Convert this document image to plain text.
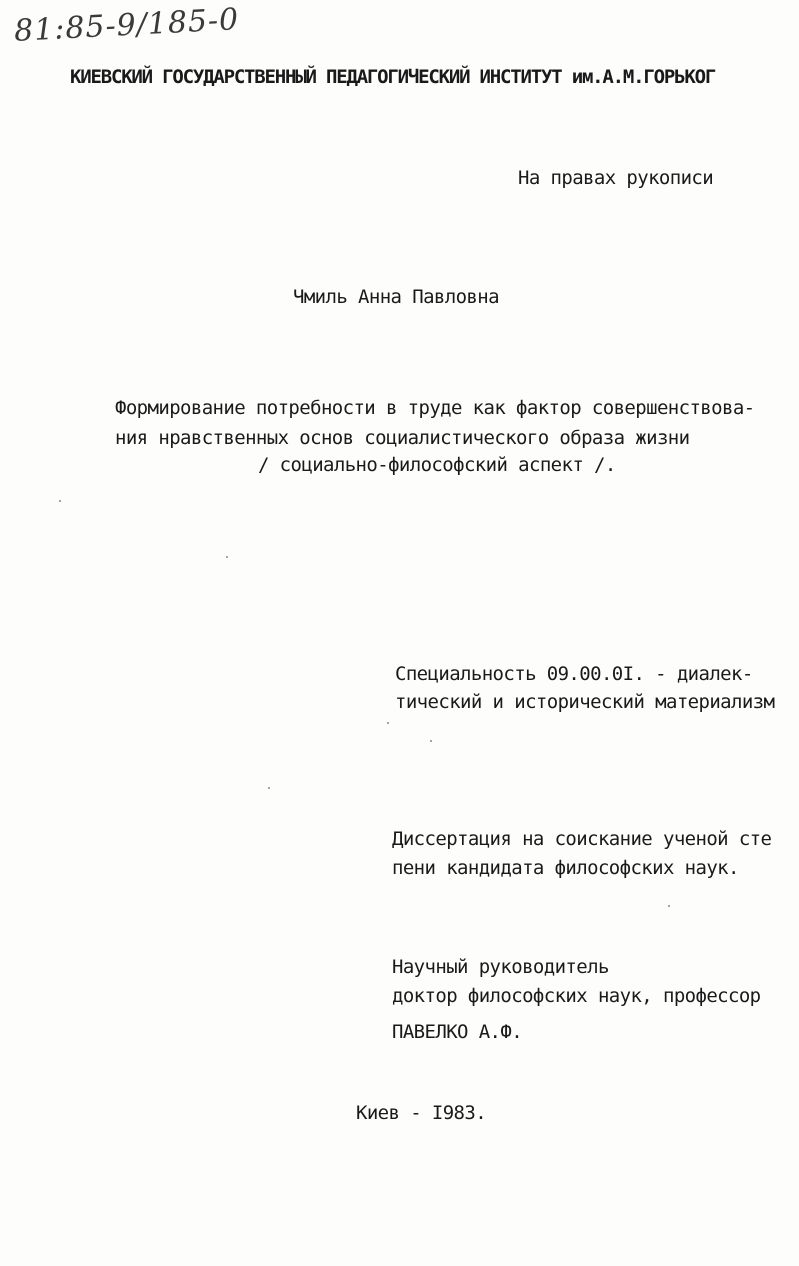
81:85-9/185-0
КИЕВСКИЙ ГОСУДАРСТВЕННЫЙ ПЕДАГОГИЧЕСКИЙ ИНСТИТУТ им.А.М.ГОРЬКОГ
На правах рукописи
Чмиль Анна Павловна
Формирование потребности в труде как фактор совершенствова-
ния нравственных основ социалистического образа жизни
/ социально-философский аспект /.
Специальность 09.00.0I. - диалек-
тический и исторический материализм
Диссертация на соискание ученой сте
пени кандидата философских наук.
Научный руководитель
доктор философских наук, профессор
ПАВЕЛКО А.Ф.
Киев - I983.
